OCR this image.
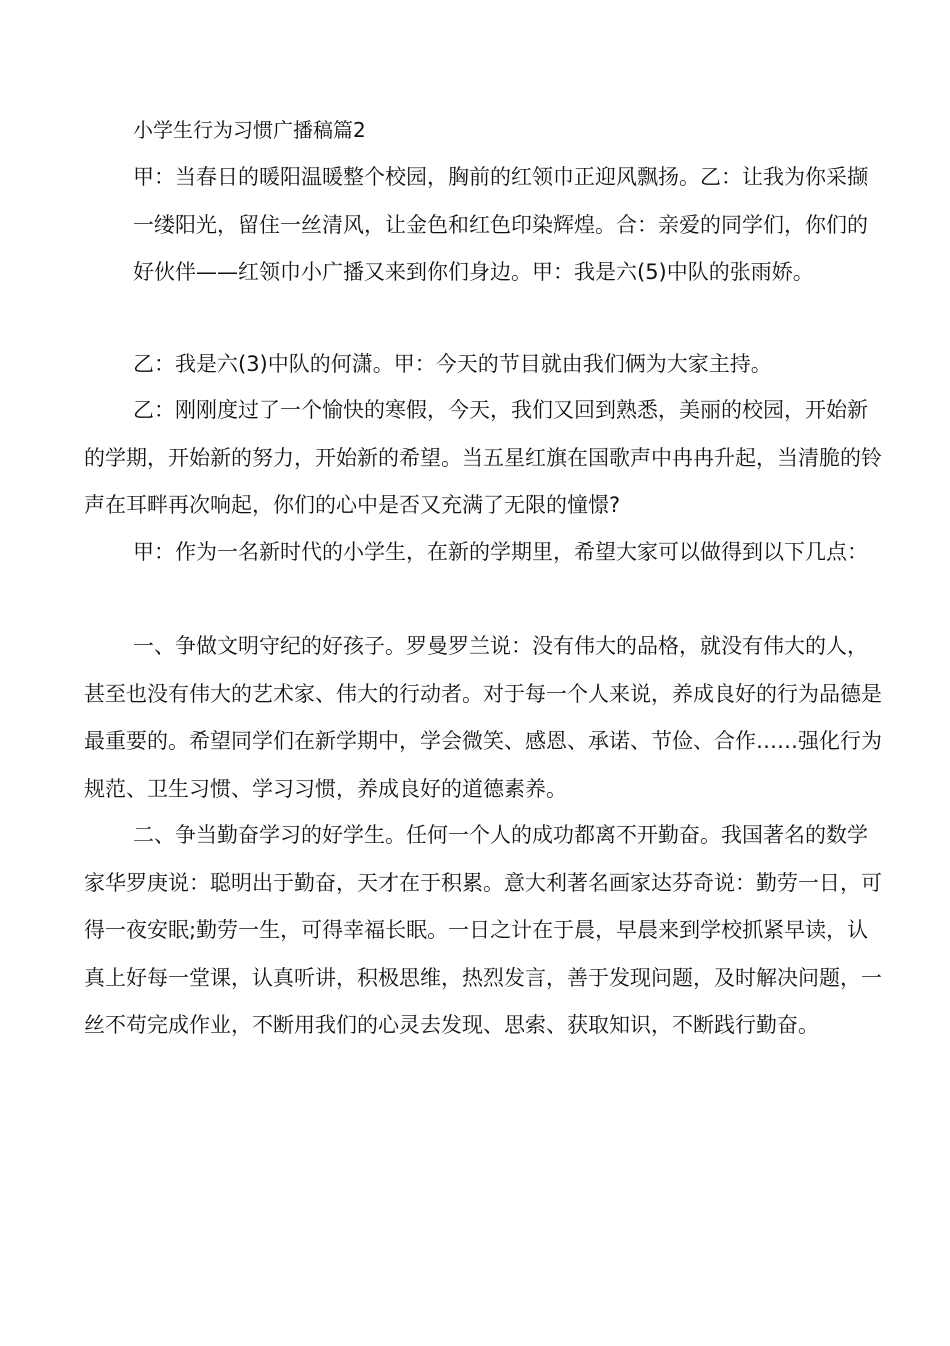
小学生行为习惯广播稿篇2

甲：当春日的暖阳温暖整个校园，胸前的红领巾正迎风飘扬。乙：让我为你采撷一缕阳光，留住一丝清风，让金色和红色印染辉煌。合：亲爱的同学们，你们的好伙伴——红领巾小广播又来到你们身边。甲：我是六(5)中队的张雨娇。

乙：我是六(3)中队的何潇。甲：今天的节目就由我们俩为大家主持。

乙：刚刚度过了一个愉快的寒假，今天，我们又回到熟悉，美丽的校园，开始新的学期，开始新的努力，开始新的希望。当五星红旗在国歌声中冉冉升起，当清脆的铃声在耳畔再次响起，你们的心中是否又充满了无限的憧憬?

甲：作为一名新时代的小学生，在新的学期里，希望大家可以做得到以下几点：

一、争做文明守纪的好孩子。罗曼罗兰说：没有伟大的品格，就没有伟大的人，甚至也没有伟大的艺术家、伟大的行动者。对于每一个人来说，养成良好的行为品德是最重要的。希望同学们在新学期中，学会微笑、感恩、承诺、节俭、合作……强化行为规范、卫生习惯、学习习惯，养成良好的道德素养。

二、争当勤奋学习的好学生。任何一个人的成功都离不开勤奋。我国著名的数学家华罗庚说：聪明出于勤奋，天才在于积累。意大利著名画家达芬奇说：勤劳一日，可得一夜安眠;勤劳一生，可得幸福长眠。一日之计在于晨，早晨来到学校抓紧早读，认真上好每一堂课，认真听讲，积极思维，热烈发言，善于发现问题，及时解决问题，一丝不苟完成作业，不断用我们的心灵去发现、思索、获取知识，不断践行勤奋。
